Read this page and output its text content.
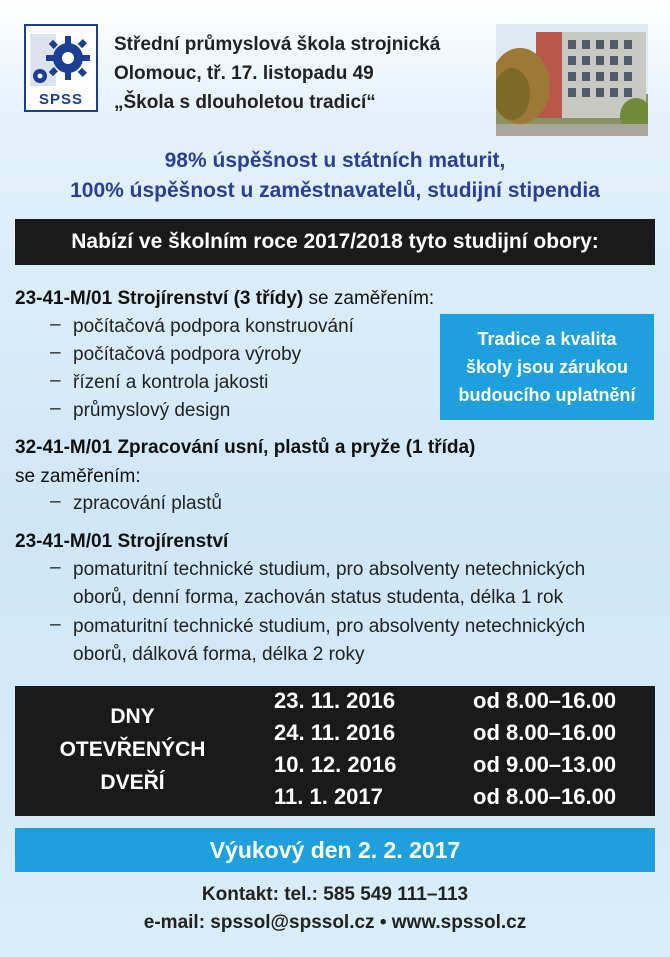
SPSS
Střední průmyslová škola strojnická
Olomouc, tř. 17. listopadu 49
„Škola s dlouholetou tradicí“
98% úspěšnost u státních maturit,
100% úspěšnost u zaměstnavatelů, studijní stipendia
Nabízí ve školním roce 2017/2018 tyto studijní obory:
23-41-M/01 Strojírenství (3 třídy) se zaměřením:
– počítačová podpora konstruování
– počítačová podpora výroby
– řízení a kontrola jakosti
– průmyslový design
Tradice a kvalita
školy jsou zárukou
budoucího uplatnění
32-41-M/01 Zpracování usní, plastů a pryže (1 třída)
se zaměřením:
– zpracování plastů
23-41-M/01 Strojírenství
– pomaturitní technické studium, pro absolventy netechnických
oborů, denní forma, zachován status studenta, délka 1 rok
– pomaturitní technické studium, pro absolventy netechnických
oborů, dálková forma, délka 2 roky
DNY
OTEVŘENÝCH
DVEŘÍ
23. 11. 2016	od 8.00–16.00
24. 11. 2016	od 8.00–16.00
10. 12. 2016	od 9.00–13.00
11. 1. 2017	od 8.00–16.00
Výukový den 2. 2. 2017
Kontakt: tel.: 585 549 111–113
e-mail: spssol@spssol.cz • www.spssol.cz
